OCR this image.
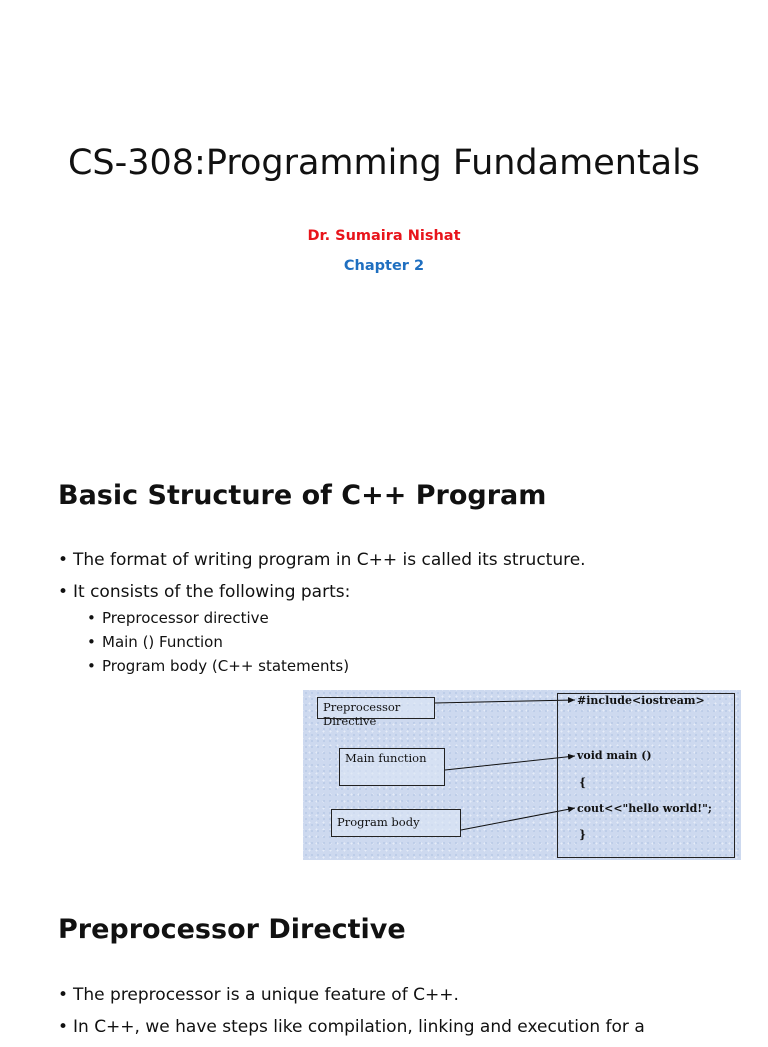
CS-308:Programming Fundamentals
Dr. Sumaira Nishat
Chapter 2
Basic Structure of C++ Program
• The format of writing program in C++ is called its structure.
• It consists of the following parts:
• Preprocessor directive
• Main () Function
• Program body (C++ statements)
Preprocessor Directive
Main function
Program body
#include<iostream>
void main ()
{
cout<<"hello world!";
}
Preprocessor Directive
• The preprocessor is a unique feature of C++.
• In C++, we have steps like compilation, linking and execution for a
